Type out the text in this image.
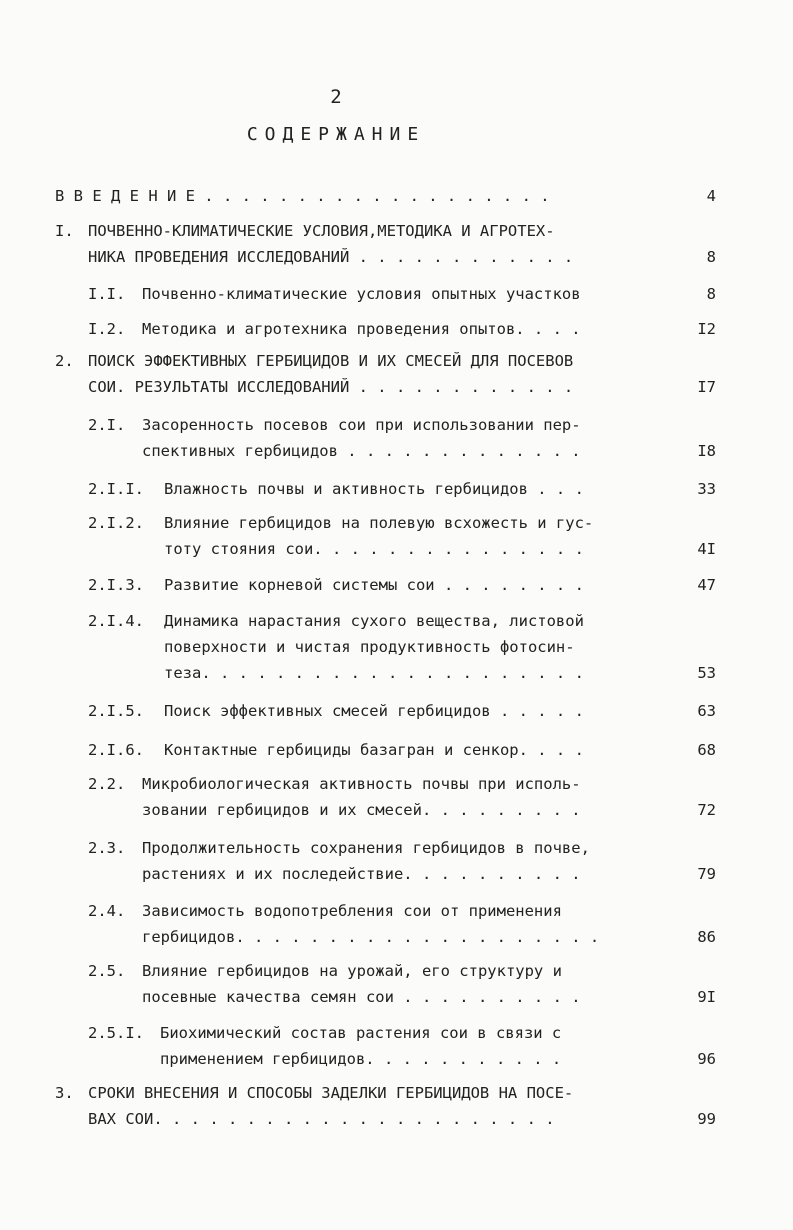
2
СОДЕРЖАНИЕ
В В Е Д Е Н И Е . . . . . . . . . . . . . . . . . . .	4
I. ПОЧВЕННО-КЛИМАТИЧЕСКИЕ УСЛОВИЯ,МЕТОДИКА И АГРОТЕХ-
НИКА ПРОВЕДЕНИЯ ИССЛЕДОВАНИЙ . . . . . . . . . . . .	8
I.I. Почвенно-климатические условия опытных участков	8
I.2. Методика и агротехника проведения опытов. . . .	I2
2. ПОИСК ЭФФЕКТИВНЫХ ГЕРБИЦИДОВ И ИХ СМЕСЕЙ ДЛЯ ПОСЕВОВ
СОИ. РЕЗУЛЬТАТЫ ИССЛЕДОВАНИЙ . . . . . . . . . . . .	I7
2.I. Засоренность посевов сои при использовании пер-
спективных гербицидов . . . . . . . . . . . . .	I8
2.I.I. Влажность почвы и активность гербицидов . . .	33
2.I.2. Влияние гербицидов на полевую всхожесть и гус-
тоту стояния сои. . . . . . . . . . . . . . .	4I
2.I.3. Развитие корневой системы сои . . . . . . . .	47
2.I.4. Динамика нарастания сухого вещества, листовой
поверхности и чистая продуктивность фотосин-
теза. . . . . . . . . . . . . . . . . . . . .	53
2.I.5. Поиск эффективных смесей гербицидов . . . . .	63
2.I.6. Контактные гербициды базагран и сенкор. . . .	68
2.2. Микробиологическая активность почвы при исполь-
зовании гербицидов и их смесей. . . . . . . . .	72
2.3. Продолжительность сохранения гербицидов в почве,
растениях и их последействие. . . . . . . . . .	79
2.4. Зависимость водопотребления сои от применения
гербицидов. . . . . . . . . . . . . . . . . . . .	86
2.5. Влияние гербицидов на урожай, его структуру и
посевные качества семян сои . . . . . . . . . .	9I
2.5.I. Биохимический состав растения сои в связи с
применением гербицидов. . . . . . . . . . .	96
3. СРОКИ ВНЕСЕНИЯ И СПОСОБЫ ЗАДЕЛКИ ГЕРБИЦИДОВ НА ПОСЕ-
ВАХ СОИ. . . . . . . . . . . . . . . . . . . . . .	99
